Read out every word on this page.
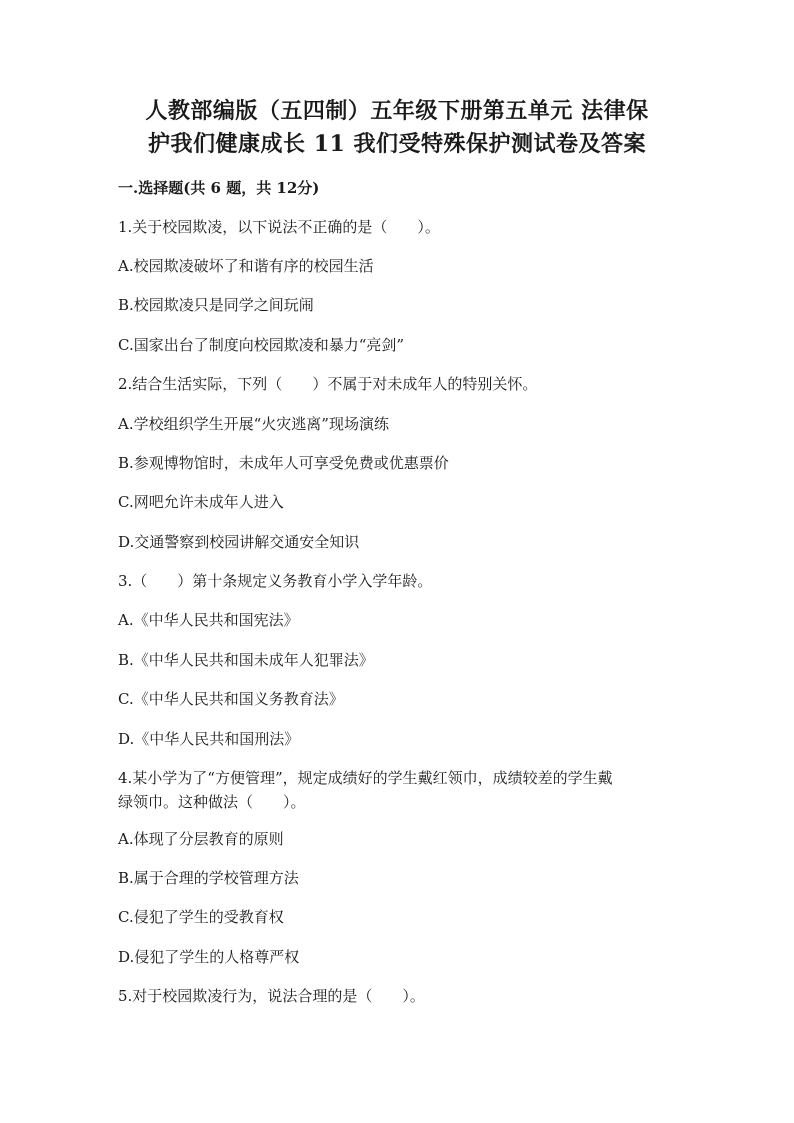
人教部编版（五四制）五年级下册第五单元 法律保
护我们健康成长 11 我们受特殊保护测试卷及答案
一.选择题(共 6 题，共 12分)
1.关于校园欺凌，以下说法不正确的是（　　）。
A.校园欺凌破坏了和谐有序的校园生活
B.校园欺凌只是同学之间玩闹
C.国家出台了制度向校园欺凌和暴力“亮剑”
2.结合生活实际，下列（　　）不属于对未成年人的特别关怀。
A.学校组织学生开展“火灾逃离”现场演练
B.参观博物馆时，未成年人可享受免费或优惠票价
C.网吧允许未成年人进入
D.交通警察到校园讲解交通安全知识
3.（　　）第十条规定义务教育小学入学年龄。
A.《中华人民共和国宪法》
B.《中华人民共和国未成年人犯罪法》
C.《中华人民共和国义务教育法》
D.《中华人民共和国刑法》
4.某小学为了“方便管理”，规定成绩好的学生戴红领巾，成绩较差的学生戴
绿领巾。这种做法（　　）。
A.体现了分层教育的原则
B.属于合理的学校管理方法
C.侵犯了学生的受教育权
D.侵犯了学生的人格尊严权
5.对于校园欺凌行为，说法合理的是（　　）。
